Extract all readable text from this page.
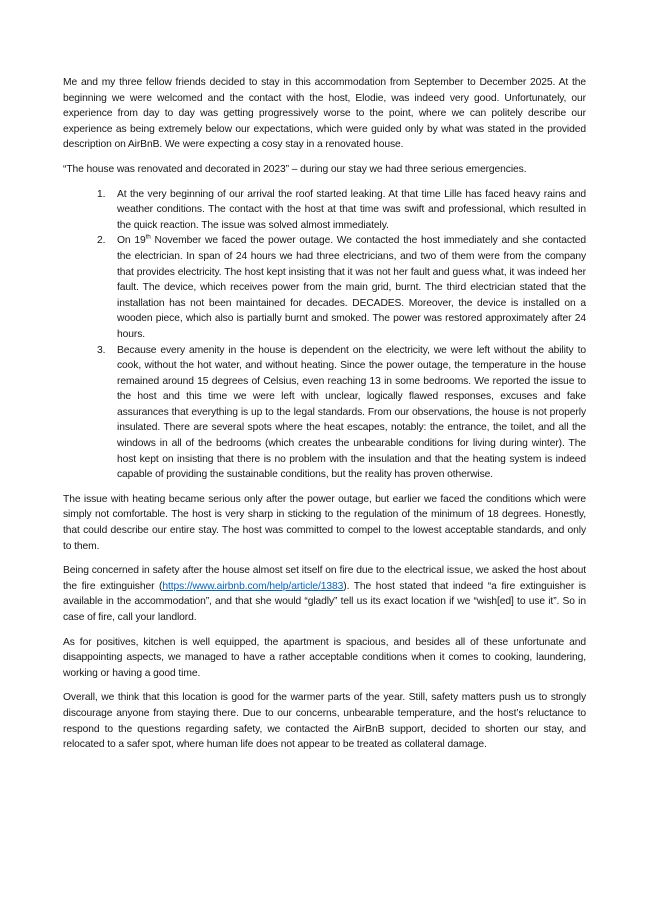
Me and my three fellow friends decided to stay in this accommodation from September to December 2025. At the beginning we were welcomed and the contact with the host, Elodie, was indeed very good. Unfortunately, our experience from day to day was getting progressively worse to the point, where we can politely describe our experience as being extremely below our expectations, which were guided only by what was stated in the provided description on AirBnB. We were expecting a cosy stay in a renovated house.

“The house was renovated and decorated in 2023” – during our stay we had three serious emergencies.

1.	At the very beginning of our arrival the roof started leaking. At that time Lille has faced heavy rains and weather conditions. The contact with the host at that time was swift and professional, which resulted in the quick reaction. The issue was solved almost immediately.
2.	On 19th November we faced the power outage. We contacted the host immediately and she contacted the electrician. In span of 24 hours we had three electricians, and two of them were from the company that provides electricity. The host kept insisting that it was not her fault and guess what, it was indeed her fault. The device, which receives power from the main grid, burnt. The third electrician stated that the installation has not been maintained for decades. DECADES. Moreover, the device is installed on a wooden piece, which also is partially burnt and smoked. The power was restored approximately after 24 hours.
3.	Because every amenity in the house is dependent on the electricity, we were left without the ability to cook, without the hot water, and without heating. Since the power outage, the temperature in the house remained around 15 degrees of Celsius, even reaching 13 in some bedrooms. We reported the issue to the host and this time we were left with unclear, logically flawed responses, excuses and fake assurances that everything is up to the legal standards. From our observations, the house is not properly insulated. There are several spots where the heat escapes, notably: the entrance, the toilet, and all the windows in all of the bedrooms (which creates the unbearable conditions for living during winter). The host kept on insisting that there is no problem with the insulation and that the heating system is indeed capable of providing the sustainable conditions, but the reality has proven otherwise.

The issue with heating became serious only after the power outage, but earlier we faced the conditions which were simply not comfortable. The host is very sharp in sticking to the regulation of the minimum of 18 degrees. Honestly, that could describe our entire stay. The host was committed to compel to the lowest acceptable standards, and only to them.

Being concerned in safety after the house almost set itself on fire due to the electrical issue, we asked the host about the fire extinguisher (https://www.airbnb.com/help/article/1383). The host stated that indeed “a fire extinguisher is available in the accommodation”, and that she would “gladly” tell us its exact location if we “wish[ed] to use it”. So in case of fire, call your landlord.

As for positives, kitchen is well equipped, the apartment is spacious, and besides all of these unfortunate and disappointing aspects, we managed to have a rather acceptable conditions when it comes to cooking, laundering, working or having a good time.

Overall, we think that this location is good for the warmer parts of the year. Still, safety matters push us to strongly discourage anyone from staying there. Due to our concerns, unbearable temperature, and the host’s reluctance to respond to the questions regarding safety, we contacted the AirBnB support, decided to shorten our stay, and relocated to a safer spot, where human life does not appear to be treated as collateral damage.
